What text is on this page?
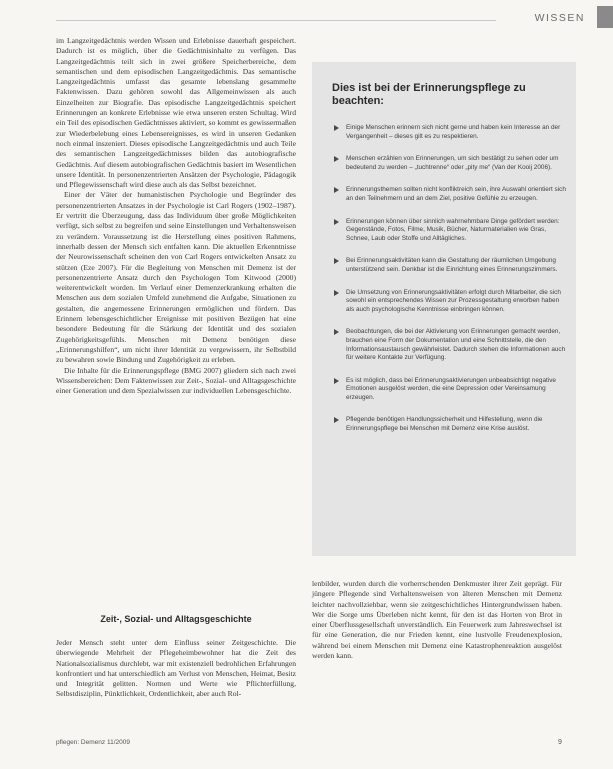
WISSEN

im Langzeitgedächtnis werden Wissen und Erlebnisse dauerhaft gespeichert. Dadurch ist es möglich, über die Gedächtnisinhalte zu verfügen. Das Langzeitgedächtnis teilt sich in zwei größere Speicherbereiche, dem semantischen und dem episodischen Langzeitgedächtnis. Das semantische Langzeitgedächtnis umfasst das gesamte lebenslang gesammelte Faktenwissen. Dazu gehören sowohl das Allgemeinwissen als auch Einzelheiten zur Biografie. Das episodische Langzeitgedächtnis speichert Erinnerungen an konkrete Erlebnisse wie etwa unseren ersten Schultag. Wird ein Teil des episodischen Gedächtnisses aktiviert, so kommt es gewissermaßen zur Wiederbelebung eines Lebensereignisses, es wird in unseren Gedanken noch einmal inszeniert. Dieses episodische Langzeitgedächtnis und auch Teile des semantischen Langzeitgedächtnisses bilden das autobiografische Gedächtnis. Auf diesem autobiografischen Gedächtnis basiert im Wesentlichen unsere Identität. In personenzentrierten Ansätzen der Psychologie, Pädagogik und Pflegewissenschaft wird diese auch als das Selbst bezeichnet.

Einer der Väter der humanistischen Psychologie und Begründer des personenzentrierten Ansatzes in der Psychologie ist Carl Rogers (1902–1987). Er vertritt die Überzeugung, dass das Individuum über große Möglichkeiten verfügt, sich selbst zu begreifen und seine Einstellungen und Verhaltensweisen zu verändern. Voraussetzung ist die Herstellung eines positiven Rahmens, innerhalb dessen der Mensch sich entfalten kann. Die aktuellen Erkenntnisse der Neurowissenschaft scheinen den von Carl Rogers entwickelten Ansatz zu stützen (Eze 2007). Für die Begleitung von Menschen mit Demenz ist der personenzentrierte Ansatz durch den Psychologen Tom Kitwood (2000) weiterentwickelt worden. Im Verlauf einer Demenzerkrankung erhalten die Menschen aus dem sozialen Umfeld zunehmend die Aufgabe, Situationen zu gestalten, die angemessene Erinnerungen ermöglichen und fördern. Das Erinnern lebensgeschichtlicher Ereignisse mit positiven Bezügen hat eine besondere Bedeutung für die Stärkung der Identität und des sozialen Zugehörigkeitsgefühls. Menschen mit Demenz benötigen diese „Erinnerungshilfen“, um nicht ihrer Identität zu vergewissern, ihr Selbstbild zu bewahren sowie Bindung und Zugehörigkeit zu erleben.

Die Inhalte für die Erinnerungspflege (BMG 2007) gliedern sich nach zwei Wissensbereichen: Dem Faktenwissen zur Zeit-, Sozial- und Alltagsgeschichte einer Generation und dem Spezialwissen zur individuellen Lebensgeschichte.

Zeit-, Sozial- und Alltagsgeschichte

Jeder Mensch steht unter dem Einfluss seiner Zeitgeschichte. Die überwiegende Mehrheit der Pflegeheimbewohner hat die Zeit des Nationalsozialismus durchlebt, war mit existenziell bedrohlichen Erfahrungen konfrontiert und hat unterschiedlich am Verlust von Menschen, Heimat, Besitz und Integrität gelitten. Normen und Werte wie Pflichterfüllung, Selbstdisziplin, Pünktlichkeit, Ordentlichkeit, aber auch Rol-

lenbilder, wurden durch die vorherrschenden Denkmuster ihrer Zeit geprägt. Für jüngere Pflegende sind Verhaltensweisen von älteren Menschen mit Demenz leichter nachvollziehbar, wenn sie zeitgeschichtliches Hintergrundwissen haben. Wer die Sorge ums Überleben nicht kennt, für den ist das Horten von Brot in einer Überflussgesellschaft unverständlich. Ein Feuerwerk zum Jahreswechsel ist für eine Generation, die nur Frieden kennt, eine lustvolle Freudenexplosion, während bei einem Menschen mit Demenz eine Katastrophenreaktion ausgelöst werden kann.

Dies ist bei der Erinnerungspflege zu beachten:
Einige Menschen erinnern sich nicht gerne und haben kein Interesse an der Vergangenheit – dieses gilt es zu respektieren.
Menschen erzählen von Erinnerungen, um sich bestätigt zu sehen oder um bedeutend zu werden – „tuchtrenne“ oder „pity me“ (Van der Kooij 2006).
Erinnerungsthemen sollten nicht konfliktreich sein, ihre Auswahl orientiert sich an den Teilnehmern und an dem Ziel, positive Gefühle zu erzeugen.
Erinnerungen können über sinnlich wahrnehmbare Dinge gefördert werden: Gegenstände, Fotos, Filme, Musik, Bücher, Naturmaterialien wie Gras, Schnee, Laub oder Stoffe und Alltägliches.
Bei Erinnerungsaktivitäten kann die Gestaltung der räumlichen Umgebung unterstützend sein. Denkbar ist die Einrichtung eines Erinnerungszimmers.
Die Umsetzung von Erinnerungsaktivitäten erfolgt durch Mitarbeiter, die sich sowohl ein entsprechendes Wissen zur Prozessgestaltung erworben haben als auch psychologische Kenntnisse einbringen können.
Beobachtungen, die bei der Aktivierung von Erinnerungen gemacht werden, brauchen eine Form der Dokumentation und eine Schnittstelle, die den Informationsaustausch gewährleistet. Dadurch stehen die Informationen auch für weitere Kontakte zur Verfügung.
Es ist möglich, dass bei Erinnerungsaktivierungen unbeabsichtigt negative Emotionen ausgelöst werden, die eine Depression oder Vereinsamung erzeugen.
Pflegende benötigen Handlungssicherheit und Hilfestellung, wenn die Erinnerungspflege bei Menschen mit Demenz eine Krise auslöst.
pflegen: Demenz 11/2009	9
